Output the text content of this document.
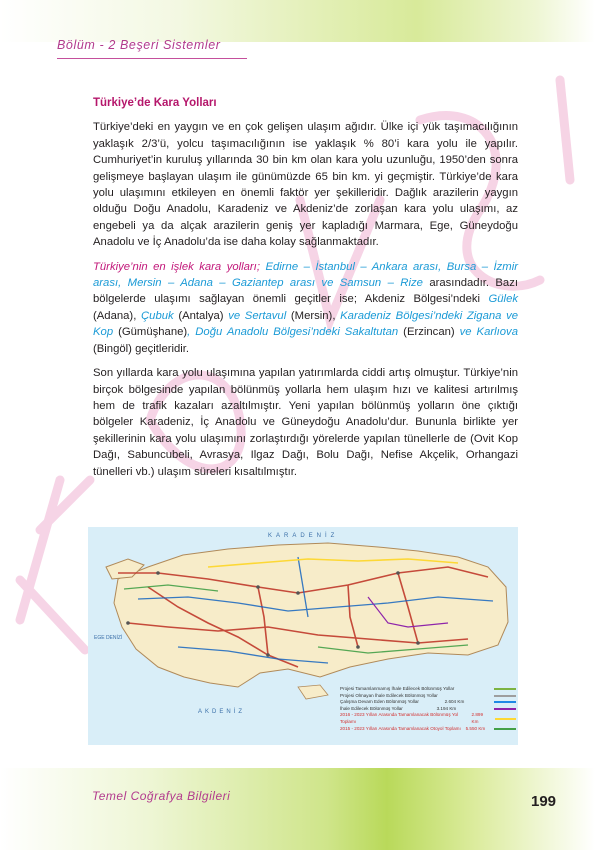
Bölüm - 2 Beşeri Sistemler
Türkiye’de Kara Yolları

Türkiye’deki en yaygın ve en çok gelişen ulaşım ağıdır. Ülke içi yük taşımacılığının yaklaşık 2/3’ü, yolcu taşımacılığının ise yaklaşık % 80’i kara yolu ile yapılır. Cumhuriyet’in kuruluş yıllarında 30 bin km olan kara yolu uzunluğu, 1950’den sonra gelişmeye başlayan ulaşım ile günümüzde 65 bin km. yi geçmiştir. Türkiye’de kara yolu ulaşımını etkileyen en önemli faktör yer şekilleridir. Dağlık arazilerin yaygın olduğu Doğu Anadolu, Karadeniz ve Akdeniz’de zorlaşan kara yolu ulaşımı, az engebeli ya da alçak arazilerin geniş yer kapladığı Marmara, Ege, Güneydoğu Anadolu ve İç Anadolu’da ise daha kolay sağlanmaktadır.

Türkiye’nin en işlek kara yolları; Edirne – İstanbul – Ankara arası, Bursa – İzmir arası, Mersin – Adana – Gaziantep arası ve Samsun – Rize arasındadır. Bazı bölgelerde ulaşımı sağlayan önemli geçitler ise; Akdeniz Bölgesi’ndeki Gülek (Adana), Çubuk (Antalya) ve Sertavul (Mersin), Karadeniz Bölgesi’ndeki Zigana ve Kop (Gümüşhane), Doğu Anadolu Bölgesi’ndeki Sakaltutan (Erzincan) ve Karlıova (Bingöl) geçitleridir.

Son yıllarda kara yolu ulaşımına yapılan yatırımlarda ciddi artış olmuştur. Türkiye’nin birçok bölgesinde yapılan bölünmüş yollarla hem ulaşım hızı ve kalitesi artırılmış hem de trafik kazaları azaltılmıştır. Yeni yapılan bölünmüş yolların öne çıktığı bölgeler Karadeniz, İç Anadolu ve Güneydoğu Anadolu’dur. Bununla birlikte yer şekillerinin kara yolu ulaşımını zorlaştırdığı yörelerde yapılan tünellerle de (Ovit Kop Dağı, Sabuncubeli, Avrasya, Ilgaz Dağı, Bolu Dağı, Nefise Akçelik, Orhangazi tünelleri vb.) ulaşım süreleri kısaltılmıştır.

KARADENİZ
EGE DENİZİ
AKDENİZ
Projesi Tamamlanmamış İhale Edilecek Bölünmüş Yollar
Projesi Olmayan İhale Edilecek Bölünmüş Yollar
Çalışma Devam Eden Bölünmüş Yollar	2.604 Km
İhale Edilecek Bölünmüş Yollar	3.194 Km
2016 - 2023 Yılları Arasında Tamamlanacak Bölünmüş Yol Toplamı
2.899 Km
2015 - 2023 Yılları Arasında Tamamlanacak Otoyol Toplamı 5.550 Km
Temel Coğrafya Bilgileri	199
